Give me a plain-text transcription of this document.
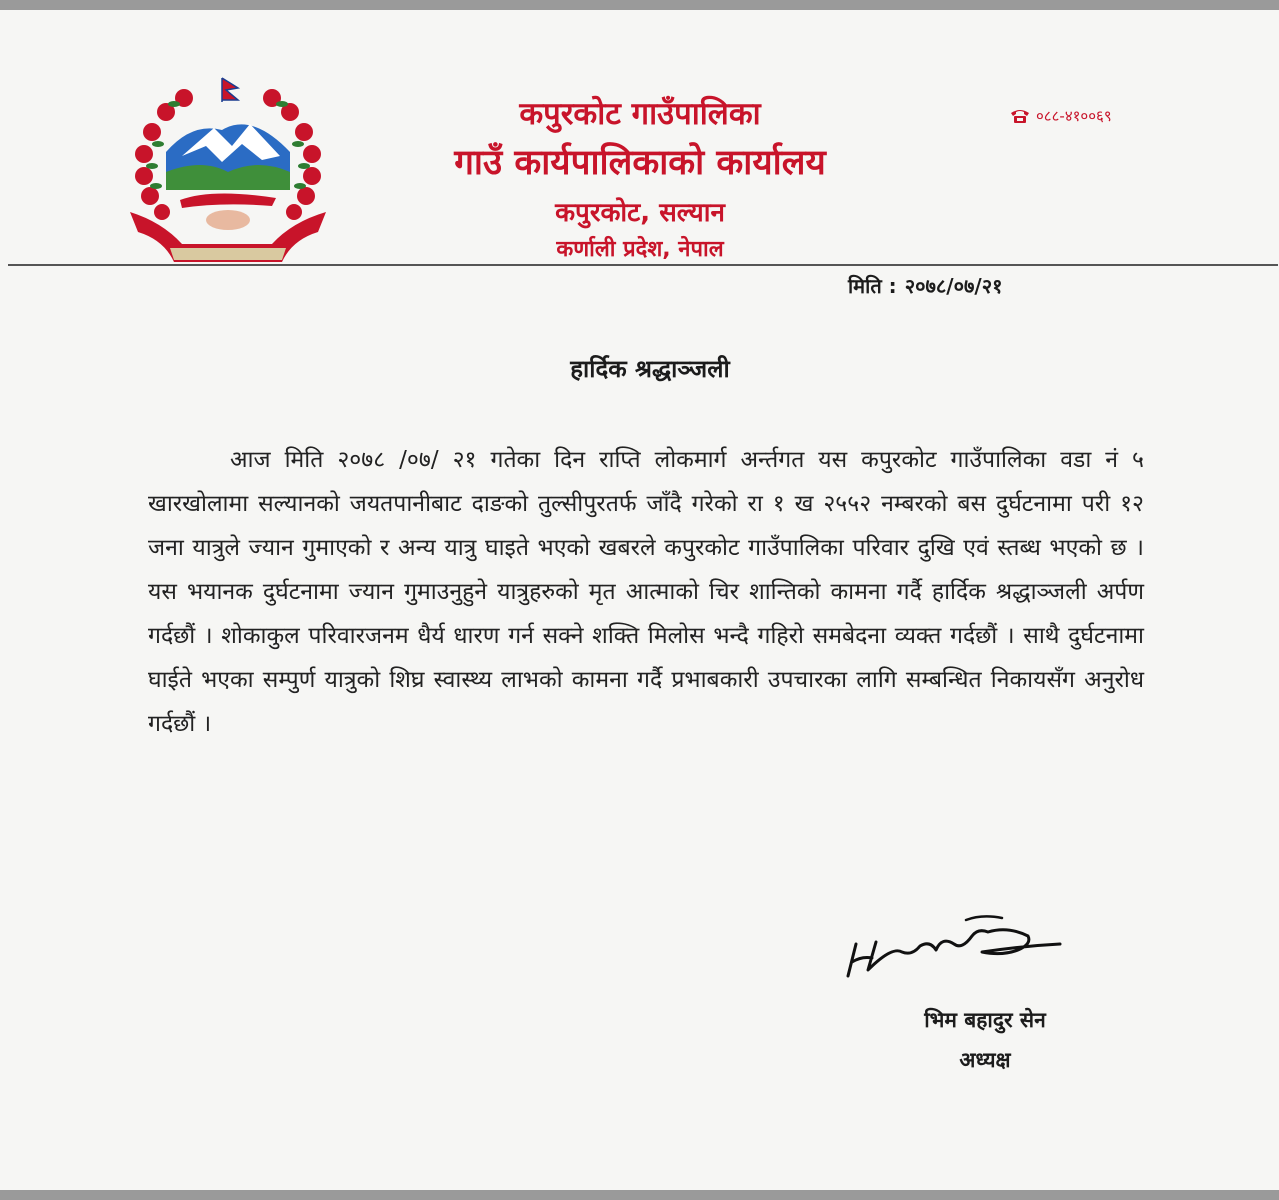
कपुरकोट गाउँपालिका
गाउँ कार्यपालिकाको कार्यालय
कपुरकोट, सल्यान
कर्णाली प्रदेश, नेपाल
०८८-४१००६९
मिति : २०७८/०७/२१
हार्दिक श्रद्धाञ्जली
आज मिति २०७८ /०७/ २१ गतेका दिन राप्ति लोकमार्ग अर्न्तगत यस कपुरकोट गाउँपालिका वडा नं ५ खारखोलामा सल्यानको जयतपानीबाट दाङको तुल्सीपुरतर्फ जाँदै गरेको रा १ ख २५५२ नम्बरको बस दुर्घटनामा परी १२ जना यात्रुले ज्यान गुमाएको र अन्य यात्रु घाइते भएको खबरले कपुरकोट गाउँपालिका परिवार दुखि एवं स्तब्ध भएको छ । यस भयानक दुर्घटनामा ज्यान गुमाउनुहुने यात्रुहरुको मृत आत्माको चिर शान्तिको कामना गर्दै हार्दिक श्रद्धाञ्जली अर्पण गर्दछौं । शोकाकुल परिवारजनम धैर्य धारण गर्न सक्ने शक्ति मिलोस भन्दै गहिरो समबेदना व्यक्त गर्दछौं । साथै दुर्घटनामा घाईते भएका सम्पुर्ण यात्रुको शिघ्र स्वास्थ्य लाभको कामना गर्दै प्रभाबकारी उपचारका लागि सम्बन्धित निकायसँग अनुरोध गर्दछौं ।
भिम बहादुर सेन
अध्यक्ष
